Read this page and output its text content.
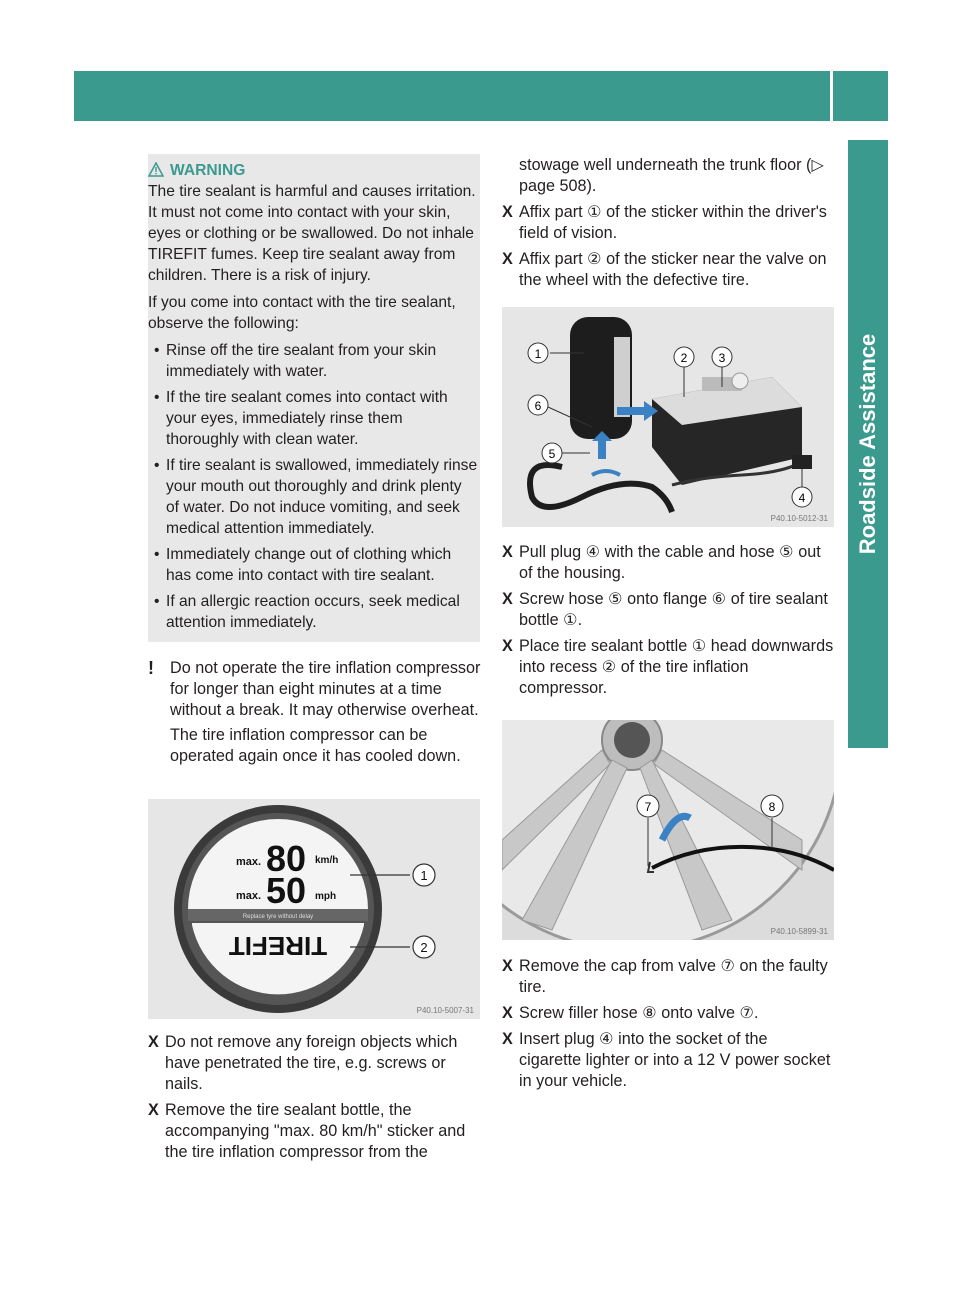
Flat tire 511
Roadside Assistance

WARNING

The tire sealant is harmful and causes irritation. It must not come into contact with your skin, eyes or clothing or be swallowed. Do not inhale TIREFIT fumes. Keep tire sealant away from children. There is a risk of injury.

If you come into contact with the tire sealant, observe the following:

• Rinse off the tire sealant from your skin immediately with water.

• If the tire sealant comes into contact with your eyes, immediately rinse them thoroughly with clean water.

• If tire sealant is swallowed, immediately rinse your mouth out thoroughly and drink plenty of water. Do not induce vomiting, and seek medical attention immediately.

• Immediately change out of clothing which has come into contact with tire sealant.

• If an allergic reaction occurs, seek medical attention immediately.

! Do not operate the tire inflation compressor for longer than eight minutes at a time without a break. It may otherwise overheat.

The tire inflation compressor can be operated again once it has cooled down.

max. 80 km/h
max. 50 mph
Replace tyre without delay
TIREFIT
1
2
P40.10-5007-31

X Do not remove any foreign objects which have penetrated the tire, e.g. screws or nails.

X Remove the tire sealant bottle, the accompanying "max. 80 km/h" sticker and the tire inflation compressor from the

stowage well underneath the trunk floor (▷ page 508).

X Affix part ① of the sticker within the driver's field of vision.

X Affix part ② of the sticker near the valve on the wheel with the defective tire.

1	2	3
4
5
6
P40.10-5012-31

X Pull plug ④ with the cable and hose ⑤ out of the housing.

X Screw hose ⑤ onto flange ⑥ of tire sealant bottle ①.

X Place tire sealant bottle ① head downwards into recess ② of the tire inflation compressor.

7	8
P40.10-5899-31

X Remove the cap from valve ⑦ on the faulty tire.

X Screw filler hose ⑧ onto valve ⑦.

X Insert plug ④ into the socket of the cigarette lighter or into a 12 V power socket in your vehicle.
